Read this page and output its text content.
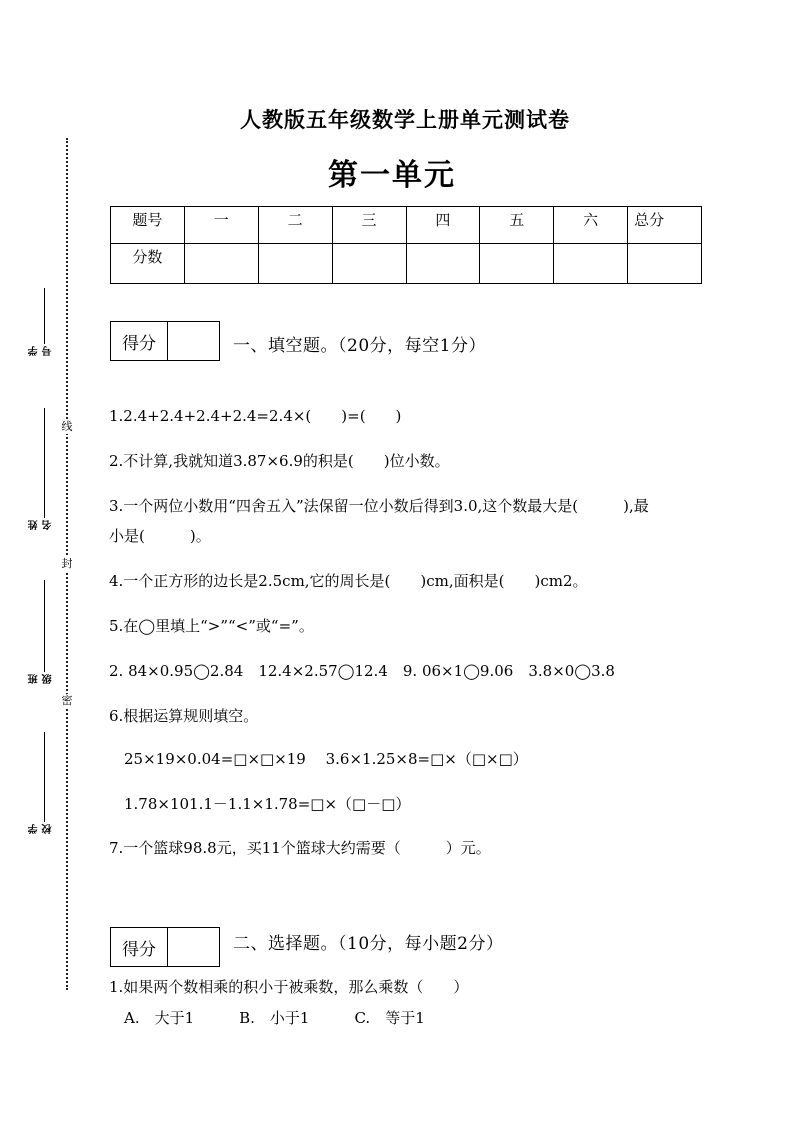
线
封
密
学号
姓名
班级
学校
人教版五年级数学上册单元测试卷
第一单元
题号	一	二	三	四	五	六	总分
分数							
得分	一、填空题。（20分，每空1分）
1.2.4+2.4+2.4+2.4=2.4×(　　)=(　　)
2.不计算,我就知道3.87×6.9的积是(　　)位小数。
3.一个两位小数用“四舍五入”法保留一位小数后得到3.0,这个数最大是(　　　),最
小是(　　　)。
4.一个正方形的边长是2.5cm,它的周长是(　　)cm,面积是(　　)cm2。
5.在◯里填上“>”“<”或“=”。
2. 84×0.95◯2.84　12.4×2.57◯12.4　9. 06×1◯9.06　3.8×0◯3.8
6.根据运算规则填空。
　25×19×0.04=□×□×19　 3.6×1.25×8=□×（□×□）
　1.78×101.1－1.1×1.78=□×（□－□）
7.一个篮球98.8元，买11个篮球大约需要（　　　）元。
得分	二、选择题。（10分，每小题2分）
1.如果两个数相乘的积小于被乘数，那么乘数（　　）
　A.　大于1　　　B.　小于1　　　C.　等于1
